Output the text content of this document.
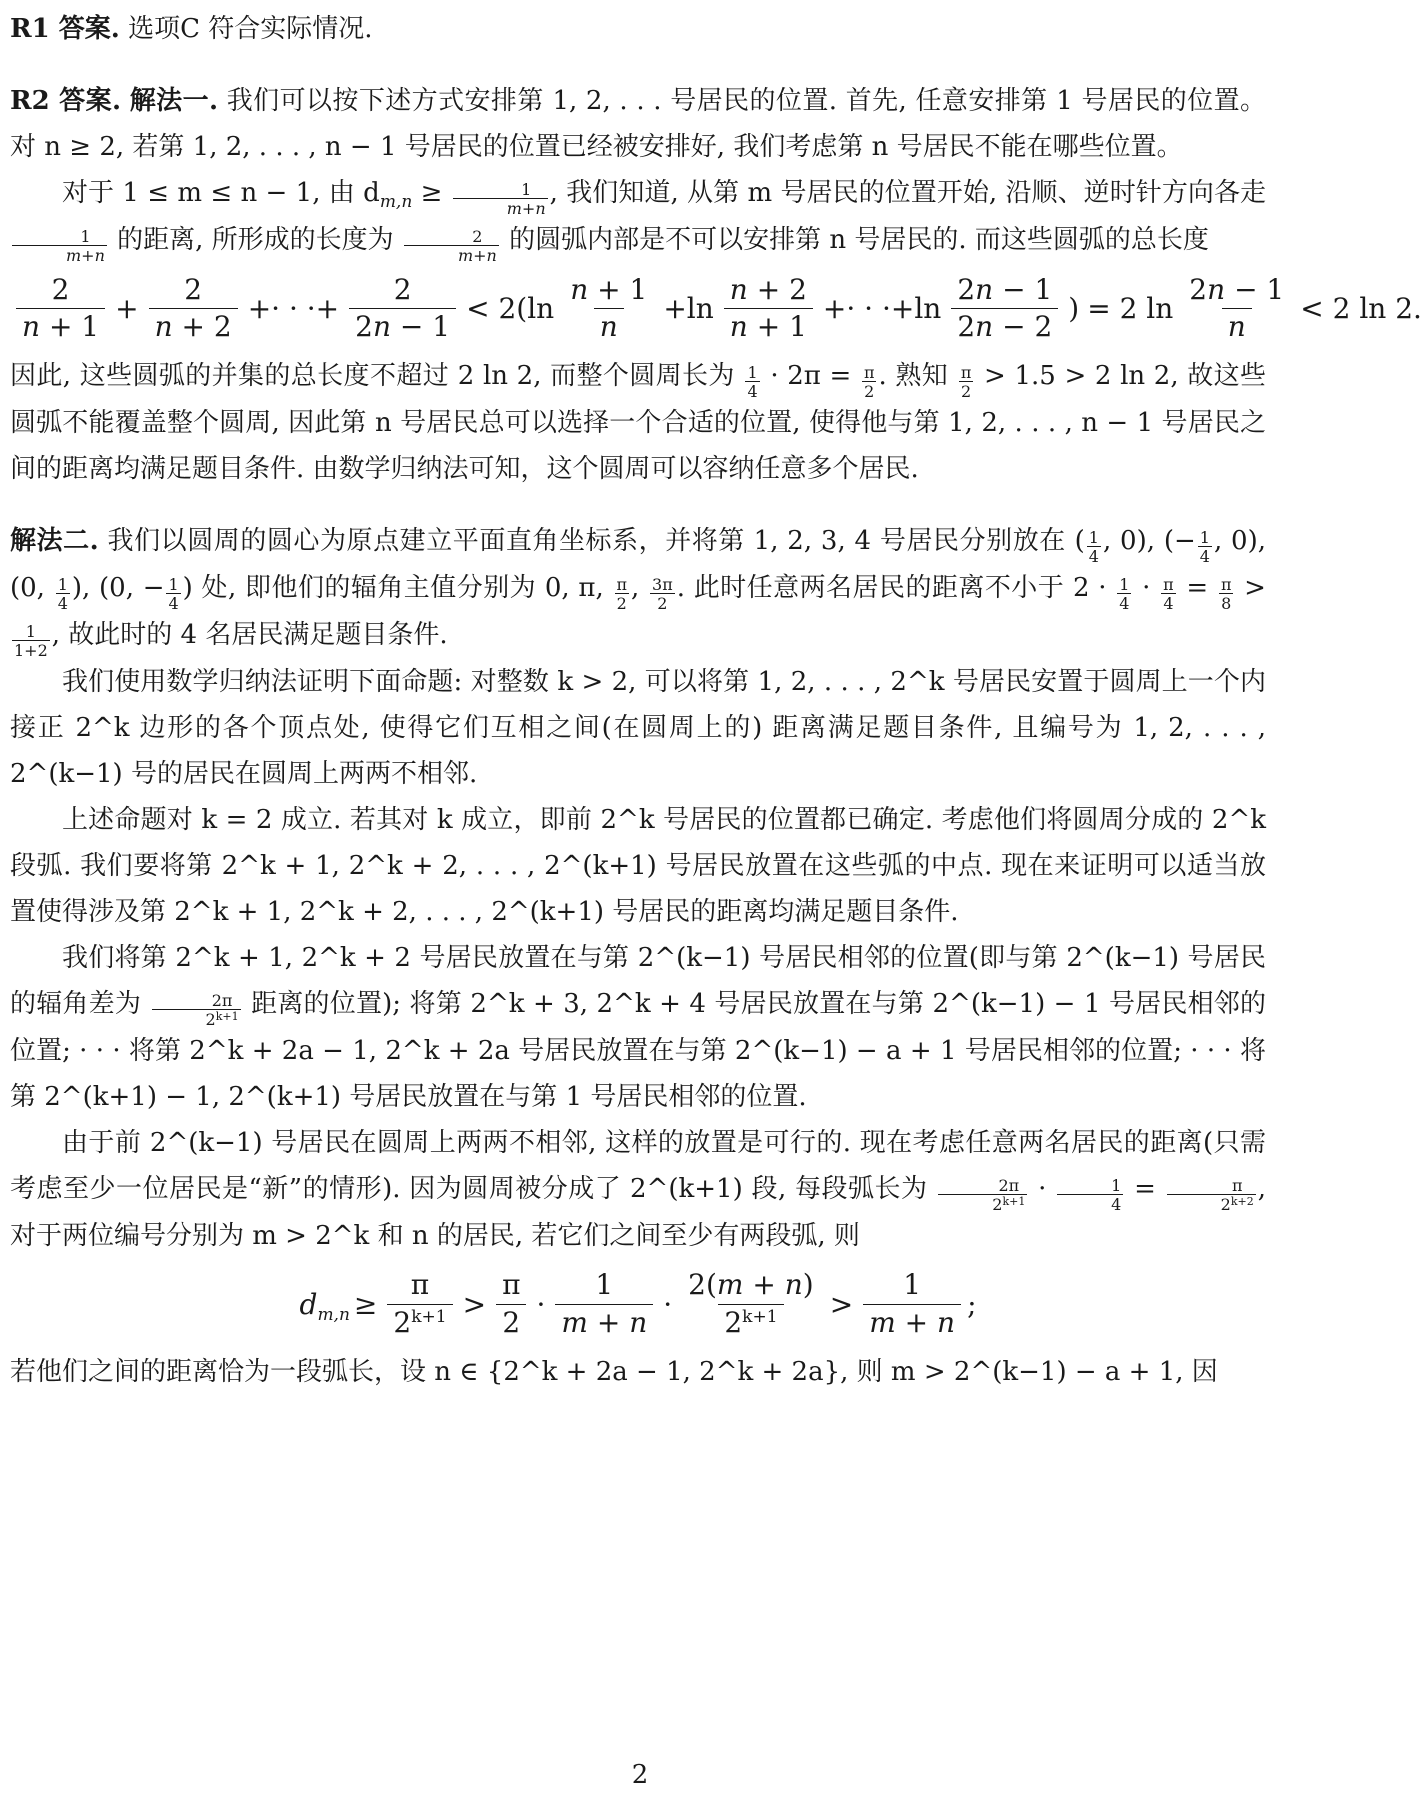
R1 答案. 选项C 符合实际情况.

R2 答案. 解法一. 我们可以按下述方式安排第 1, 2, . . . 号居民的位置. 首先, 任意安排第 1 号居民的位置。对 n ≥ 2, 若第 1, 2, . . . , n − 1 号居民的位置已经被安排好, 我们考虑第 n 号居民不能在哪些位置。

对于 1 ≤ m ≤ n − 1, 由 $d_{m,n} \ge \frac{1}{m+n}$ , 我们知道, 从第 m 号居民的位置开始, 沿顺、逆时针方向各走
$\frac{1}{m+n}$ 的距离, 所形成的长度为 $\frac{2}{m+n}$ 的圆弧内部是不可以安排第 n 号居民的. 而这些圆弧的总长度

2
n + 1
+ $\frac{2}{n + 2}$ +· · ·+ $\frac{2}{2n - 1} < 2(\ln$
n + 1
n
+ln
n + 2
n + 1
+· · ·+ln
2n − 1
2n − 2
) = 2 ln
2n − 1
n
< 2 ln 2.

因此, 这些圆弧的并集的总长度不超过 2 ln 2, 而整个圆周长为 $\frac{1}{4} \cdot 2\pi = \frac{\pi}{2}$ . 熟知 $\frac{\pi}{2} > 1.5 > 2$ ln 2, 故这些圆弧不能覆盖整个圆周, 因此第 n 号居民总可以选择一个合适的位置, 使得他与第 1, 2, . . . , n − 1 号居民之间的距离均满足题目条件. 由数学归纳法可知，这个圆周可以容纳任意多个居民.

解法二. 我们以圆周的圆心为原点建立平面直角坐标系，并将第 1, 2, 3, 4 号居民分别放在 ( $\frac{1}{4}$ , 0), (− $\frac{1}{4}$ , 0), (0, $\frac{1}{4}$ ), (0, − $\frac{1}{4}$ ) 处, 即他们的辐角主值分别为 0, π, $\frac{\pi}{2}$ , $\frac{3\pi}{2}$ . 此时任意两名居民的距离不小于 $2 \cdot \frac{1}{4} \cdot \frac{\pi}{4} = \frac{\pi}{8}$ >
$\frac{1}{1+2}$ , 故此时的 4 名居民满足题目条件.

我们使用数学归纳法证明下面命题: 对整数 k > 2, 可以将第 1, 2, . . . , 2^k 号居民安置于圆周上一个内接正 2^k 边形的各个顶点处, 使得它们互相之间(在圆周上的) 距离满足题目条件, 且编号为 1, 2, . . . , 2^(k−1) 号的居民在圆周上两两不相邻.

上述命题对 k = 2 成立. 若其对 k 成立，即前 2^k 号居民的位置都已确定. 考虑他们将圆周分成的 2^k 段弧. 我们要将第 2^k + 1, 2^k + 2, . . . , 2^(k+1) 号居民放置在这些弧的中点. 现在来证明可以适当放置使得涉及第 2^k + 1, 2^k + 2, . . . , 2^(k+1) 号居民的距离均满足题目条件.

我们将第 2^k + 1, 2^k + 2 号居民放置在与第 2^(k−1) 号居民相邻的位置(即与第 2^(k−1) 号居民的辐角差为 $\frac{2\pi}{2^{k+1}}$ 距离的位置); 将第 2^k + 3, 2^k + 4 号居民放置在与第 2^(k−1) − 1 号居民相邻的位置; · · · 将第 2^k + 2a − 1, 2^k + 2a 号居民放置在与第 2^(k−1) − a + 1 号居民相邻的位置; · · · 将第 2^(k+1) − 1, 2^(k+1) 号居民放置在与第 1 号居民相邻的位置.

由于前 2^(k−1) 号居民在圆周上两两不相邻, 这样的放置是可行的. 现在考虑任意两名居民的距离(只需考虑至少一位居民是“新”的情形). 因为圆周被分成了 2^(k+1) 段, 每段弧长为 $\frac{2\pi}{2^{k+1}} \cdot \frac{1}{4} = \frac{\pi}{2^{k+2}}$ , 对于两位编号分别为 m > 2^k 和 n 的居民, 若它们之间至少有两段弧, 则

$d_{m,n} \ge \frac{\pi}{2^{k+1}}$ >
π
2
·
1
m + n
·
2(m + n)
$2^{k+1}$ >
1
m + n
;

若他们之间的距离恰为一段弧长，设 n ∈ {2^k + 2a − 1, 2^k + 2a}, 则 m > 2^(k−1) − a + 1, 因

2
